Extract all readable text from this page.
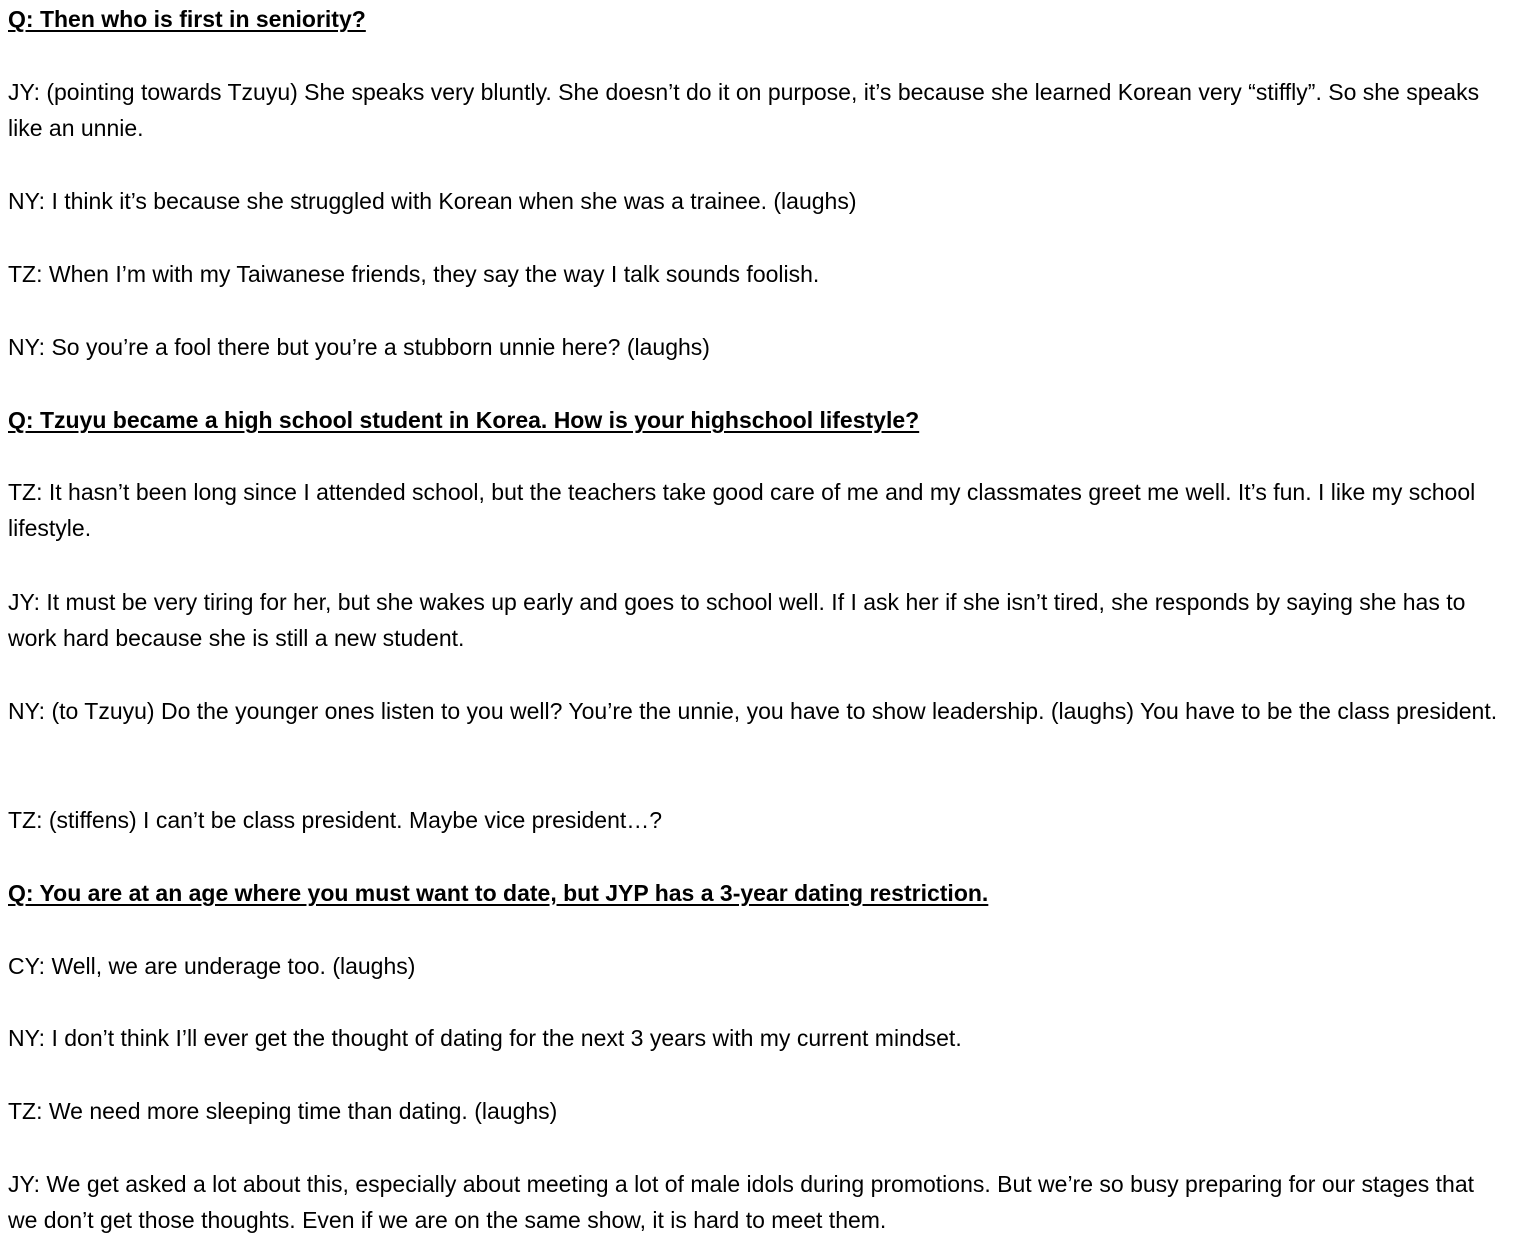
Q: Then who is first in seniority?

JY: (pointing towards Tzuyu) She speaks very bluntly. She doesn’t do it on purpose, it’s because she learned Korean very “stiffly”. So she speaks like an unnie.

NY: I think it’s because she struggled with Korean when she was a trainee. (laughs)

TZ: When I’m with my Taiwanese friends, they say the way I talk sounds foolish.

NY: So you’re a fool there but you’re a stubborn unnie here? (laughs)

Q: Tzuyu became a high school student in Korea. How is your highschool lifestyle?

TZ: It hasn’t been long since I attended school, but the teachers take good care of me and my classmates greet me well. It’s fun. I like my school lifestyle.

JY: It must be very tiring for her, but she wakes up early and goes to school well. If I ask her if she isn’t tired, she responds by saying she has to work hard because she is still a new student.

NY: (to Tzuyu) Do the younger ones listen to you well? You’re the unnie, you have to show leadership. (laughs) You have to be the class president.

TZ: (stiffens) I can’t be class president. Maybe vice president…?

Q: You are at an age where you must want to date, but JYP has a 3-year dating restriction.

CY: Well, we are underage too. (laughs)

NY: I don’t think I’ll ever get the thought of dating for the next 3 years with my current mindset.

TZ: We need more sleeping time than dating. (laughs)

JY: We get asked a lot about this, especially about meeting a lot of male idols during promotions. But we’re so busy preparing for our stages that we don’t get those thoughts. Even if we are on the same show, it is hard to meet them.
